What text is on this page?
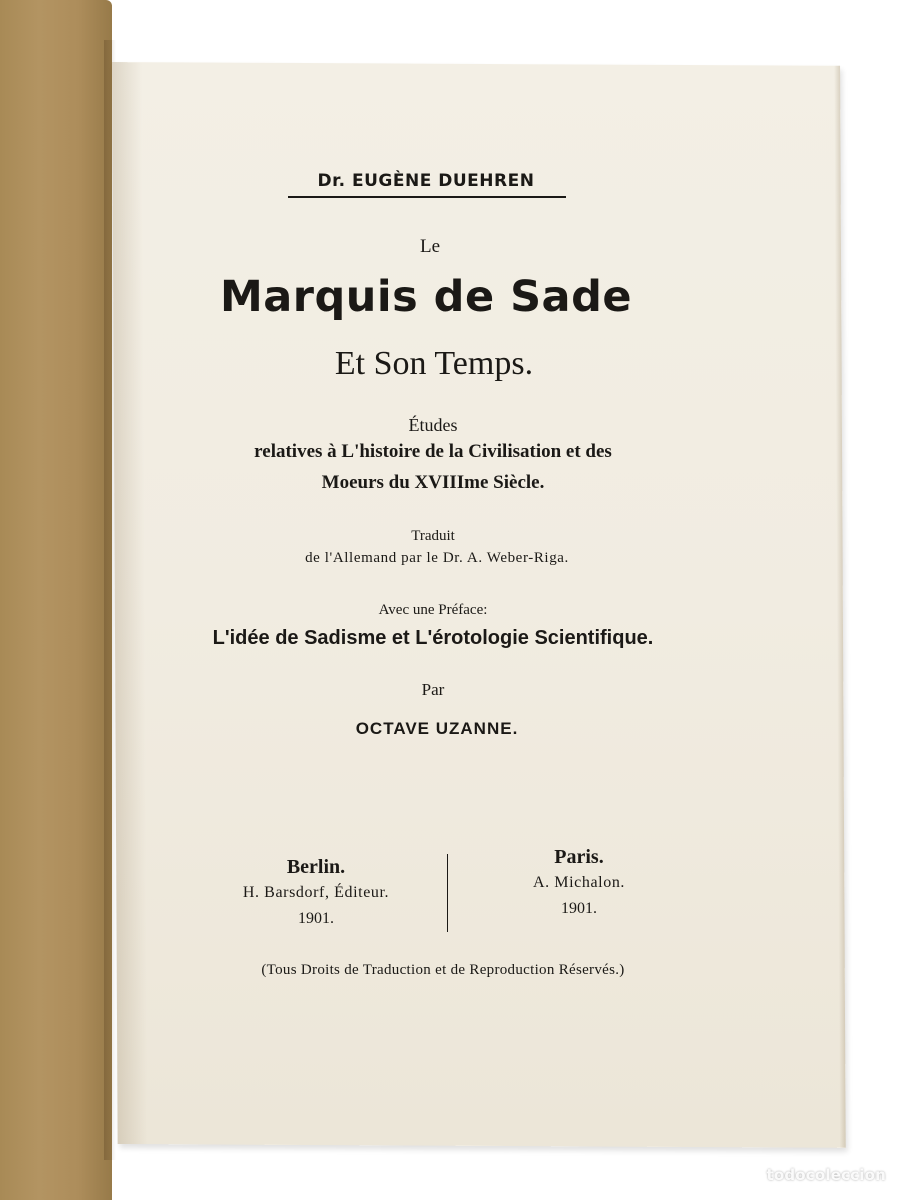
Dr. EUGÈNE DUEHREN
Le
Marquis de Sade
Et Son Temps.
Études
relatives à L'histoire de la Civilisation et des
Moeurs du XVIIIme Siècle.
Traduit
de l'Allemand par le Dr. A. Weber-Riga.
Avec une Préface:
L'idée de Sadisme et L'érotologie Scientifique.
Par
OCTAVE UZANNE.
Berlin.
H. Barsdorf, Éditeur.
1901.
Paris.
A. Michalon.
1901.
(Tous Droits de Traduction et de Reproduction Réservés.)
todocoleccion
